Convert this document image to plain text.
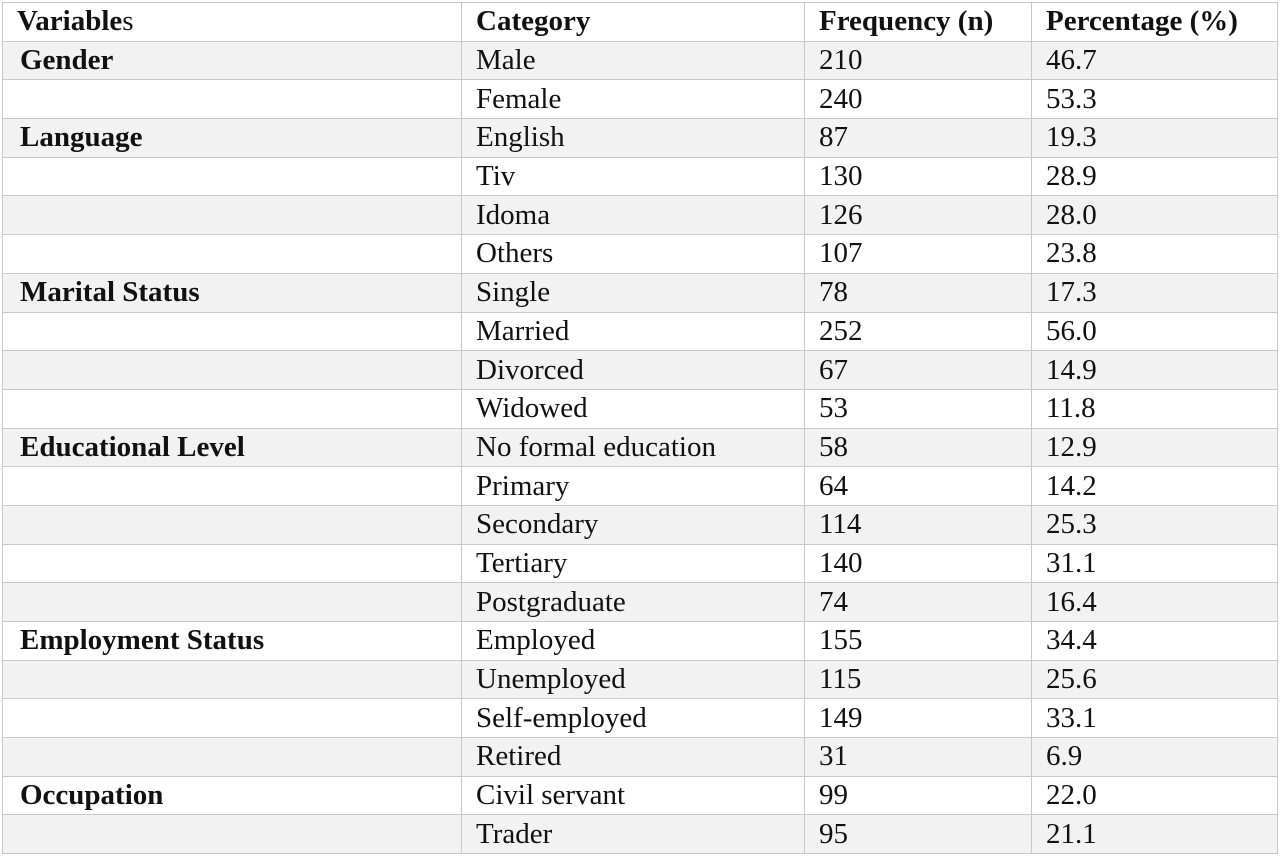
Variables	Category	Frequency (n)	Percentage (%)
Gender	Male	210	46.7
	Female	240	53.3
Language	English	87	19.3
	Tiv	130	28.9
	Idoma	126	28.0
	Others	107	23.8
Marital Status	Single	78	17.3
	Married	252	56.0
	Divorced	67	14.9
	Widowed	53	11.8
Educational Level	No formal education	58	12.9
	Primary	64	14.2
	Secondary	114	25.3
	Tertiary	140	31.1
	Postgraduate	74	16.4
Employment Status	Employed	155	34.4
	Unemployed	115	25.6
	Self-employed	149	33.1
	Retired	31	6.9
Occupation	Civil servant	99	22.0
	Trader	95	21.1
